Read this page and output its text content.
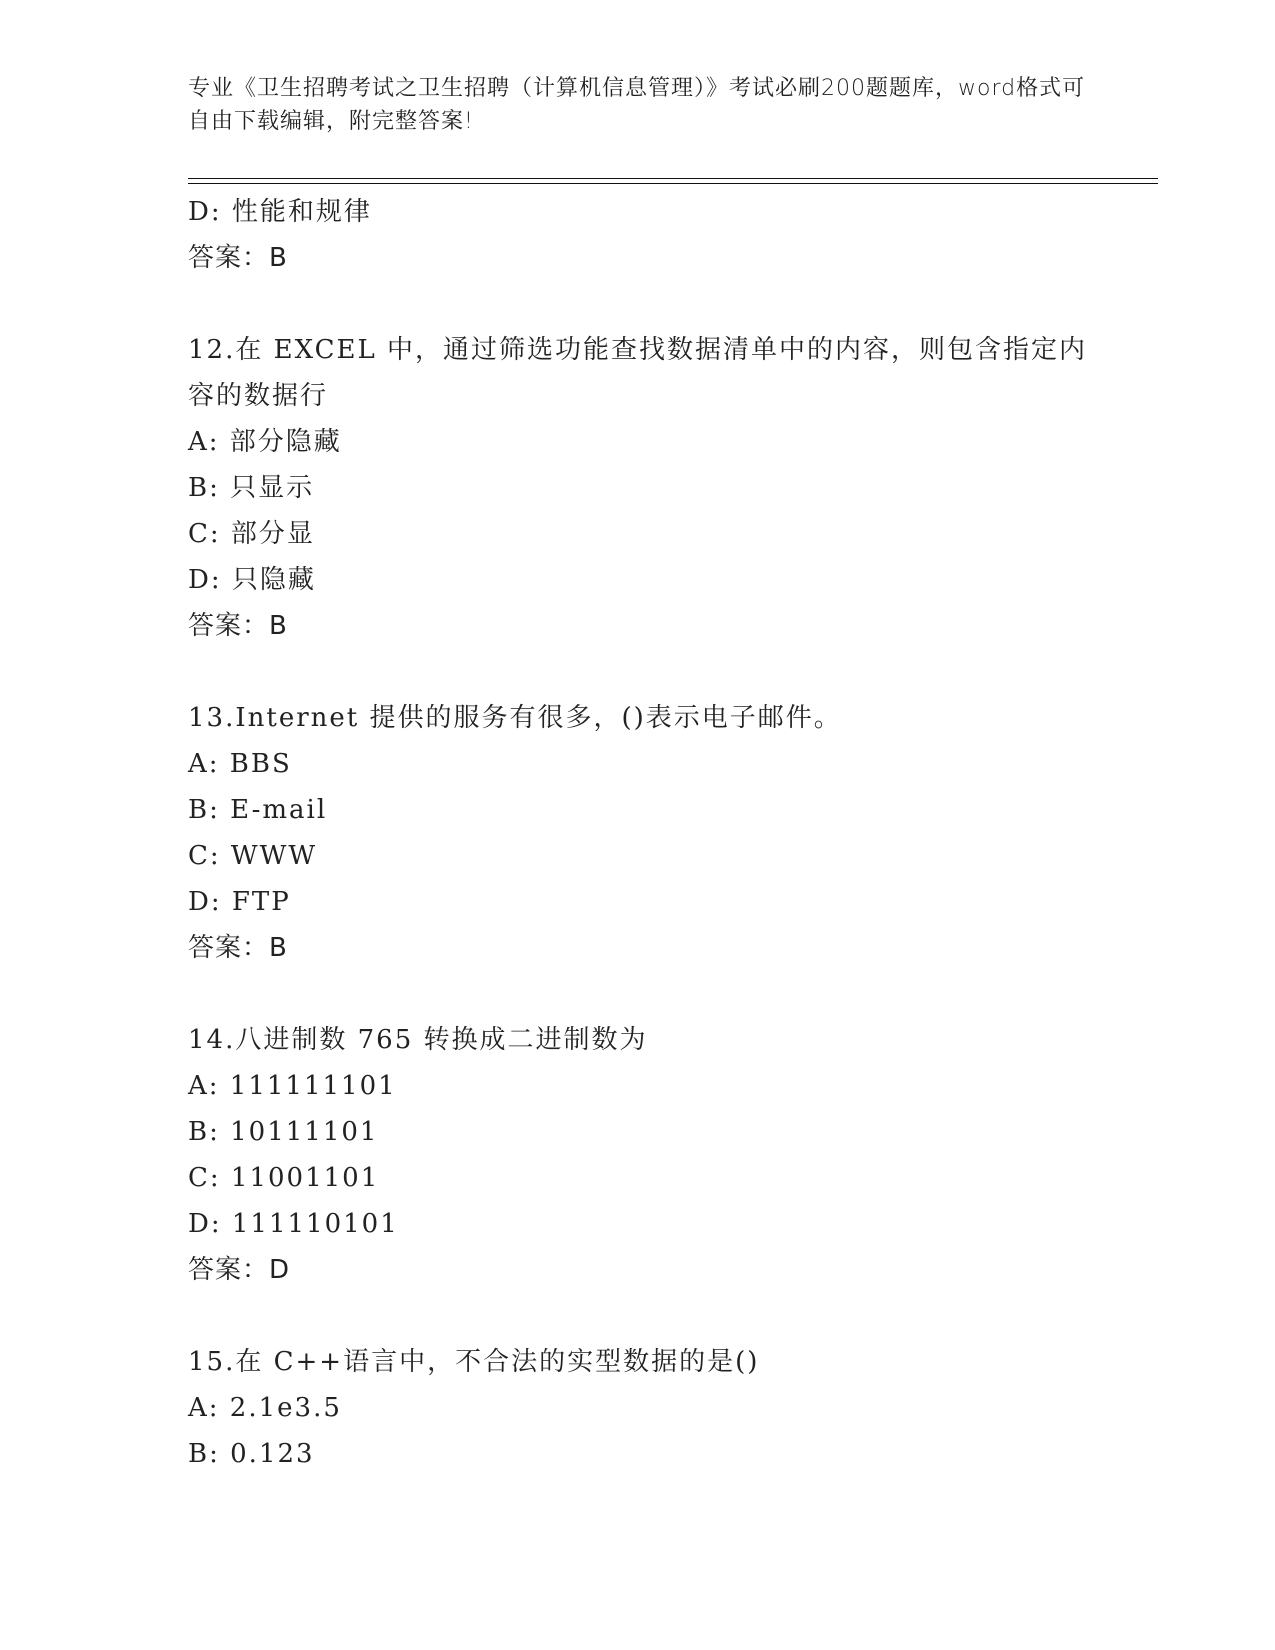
专业《卫生招聘考试之卫生招聘（计算机信息管理）》考试必刷200题题库，word格式可自由下载编辑，附完整答案!
D: 性能和规律
答案：B
12.在 EXCEL 中，通过筛选功能查找数据清单中的内容，则包含指定内容的数据行
A: 部分隐藏
B: 只显示
C: 部分显
D: 只隐藏
答案：B
13.Internet 提供的服务有很多，()表示电子邮件。
A: BBS
B: E-mail
C: WWW
D: FTP
答案：B
14.八进制数 765 转换成二进制数为
A: 111111101
B: 10111101
C: 11001101
D: 111110101
答案：D
15.在 C++语言中，不合法的实型数据的是()
A: 2.1e3.5
B: 0.123
